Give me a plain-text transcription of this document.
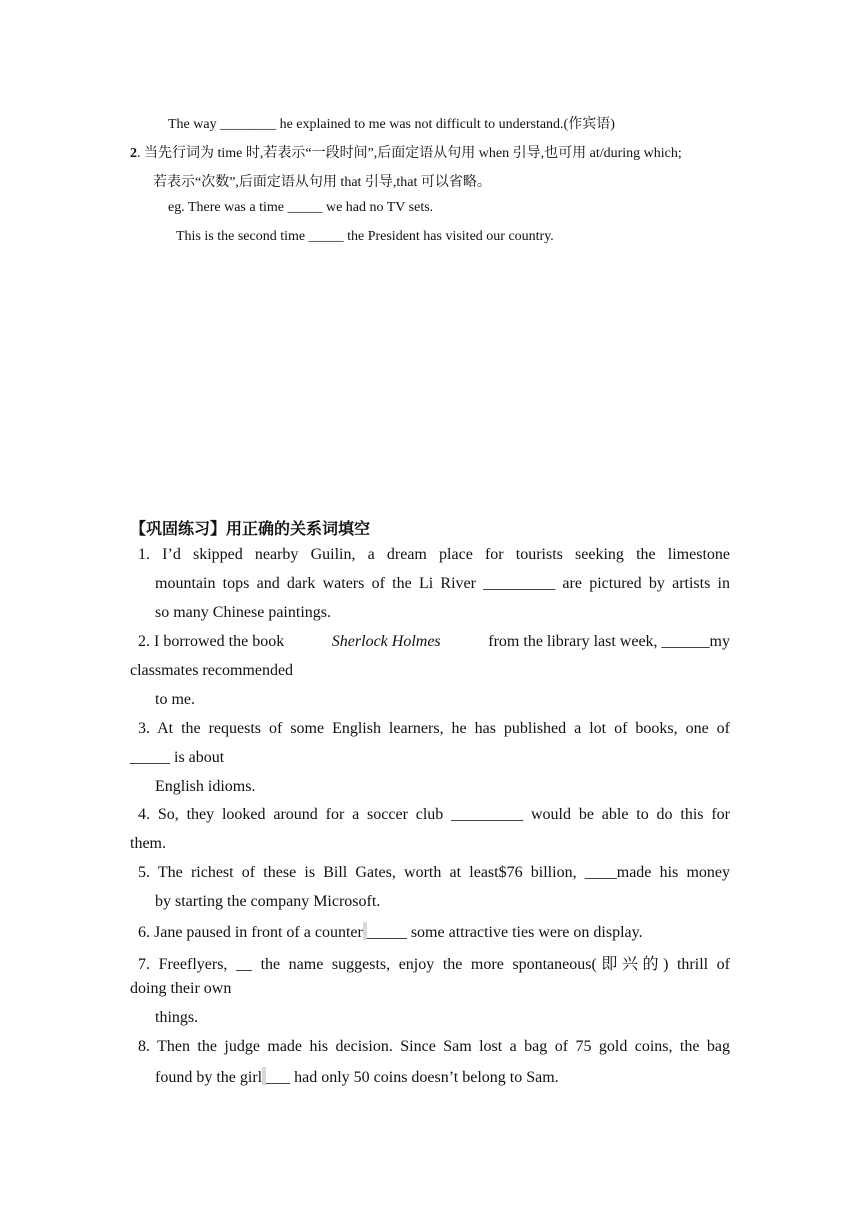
The way ________ he explained to me was not difficult to understand.(作宾语)
2. 当先行词为 time 时,若表示“一段时间”,后面定语从句用 when 引导,也可用 at/during which;
若表示“次数”,后面定语从句用 that 引导,that 可以省略。
eg. There was a time _____ we had no TV sets.
This is the second time _____ the President has visited our country.
【巩固练习】用正确的关系词填空
1. I’d skipped nearby Guilin, a dream place for tourists seeking the limestone
mountain tops and dark waters of the Li River _________ are pictured by artists in
so many Chinese paintings.
2. I borrowed the book	Sherlock Holmes	from the library last week, ______my
classmates recommended
to me.
3. At the requests of some English learners, he has published a lot of books, one of
_____ is about
English idioms.
4. So, they looked around for a soccer club _________ would be able to do this for
them.
5. The richest of these is Bill Gates, worth at least$76 billion, ____made his money
by starting the company Microsoft.
6. Jane paused in front of a counter _____ some attractive ties were on display.
7. Freeflyers, __ the name suggests, enjoy the more spontaneous(即兴的) thrill of
doing their own
things.
8. Then the judge made his decision. Since Sam lost a bag of 75 gold coins, the bag
found by the girl ___ had only 50 coins doesn’t belong to Sam.
